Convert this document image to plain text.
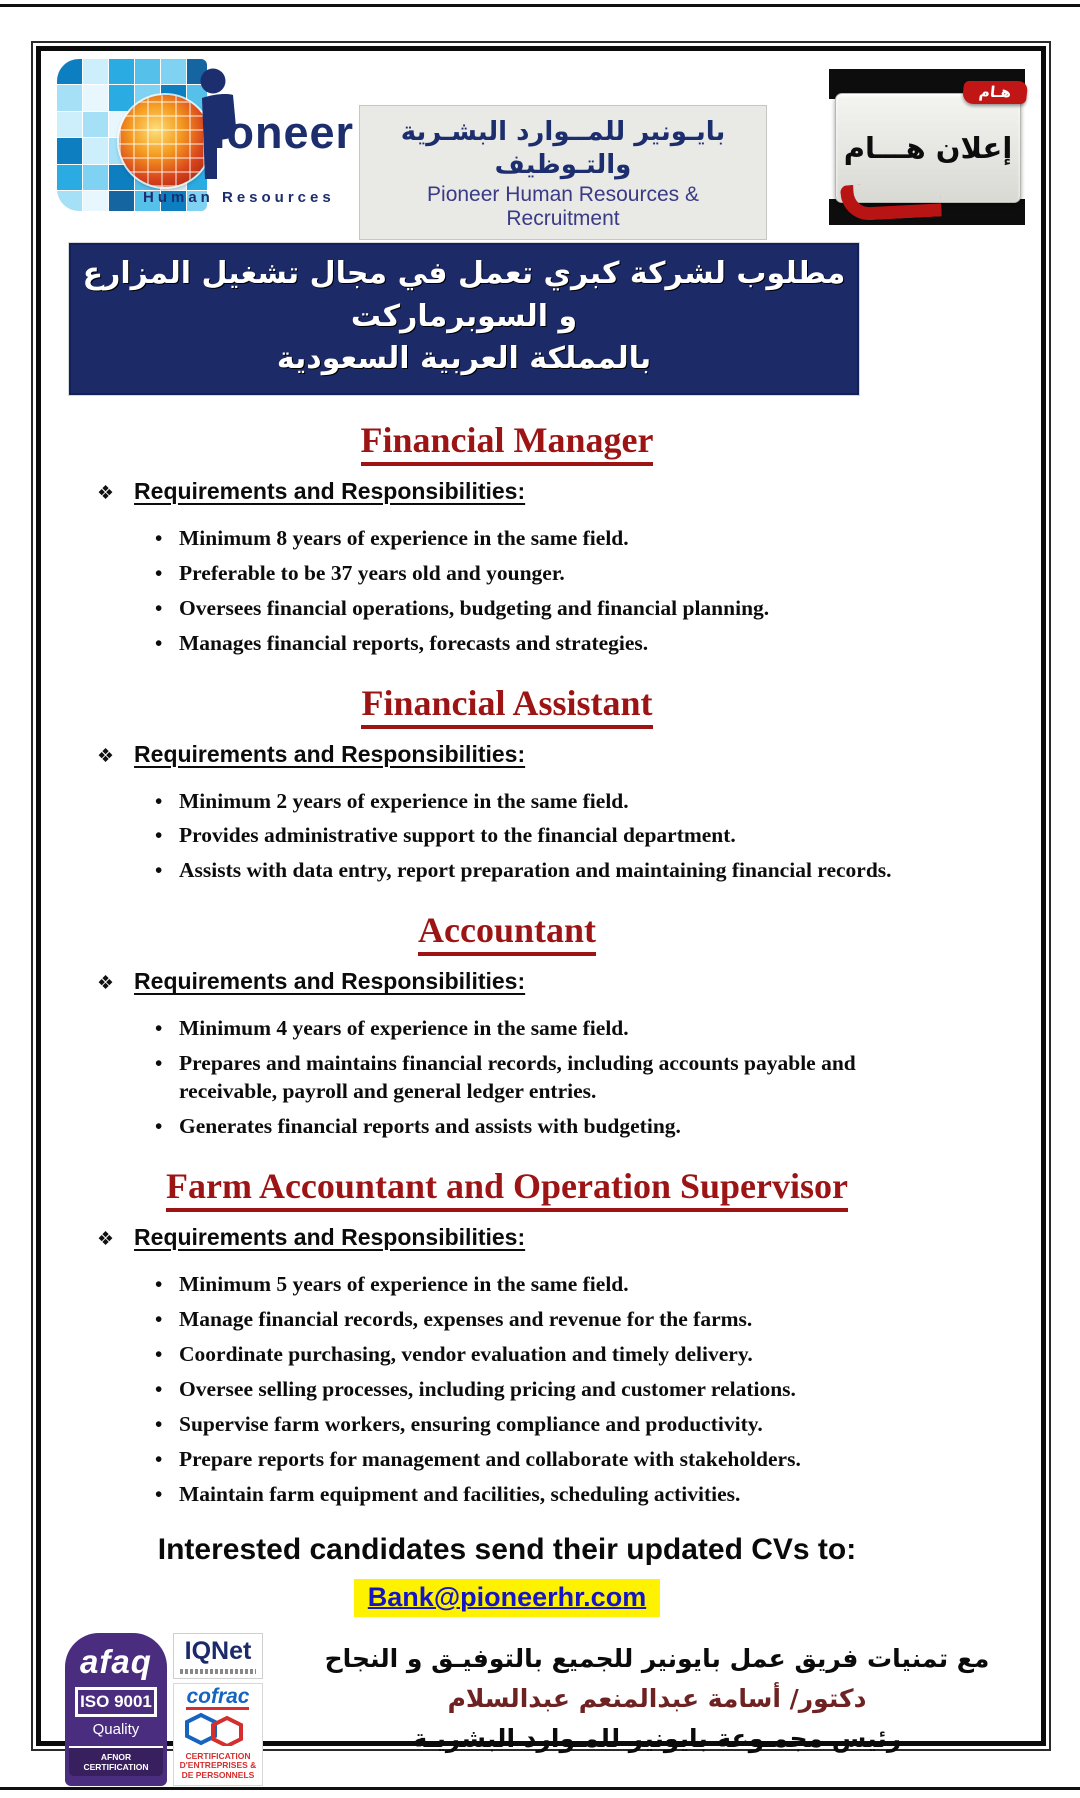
ioneer
Human Resources
بايـونير للمــوارد البشـرية والتـوظيف
Pioneer Human Resources & Recruitment
هـام
إعلان هـــام
مطلوب لشركة كبري تعمل في مجال تشغيل المزارع و السوبرماركت
بالمملكة العربية السعودية
Financial Manager
❖ Requirements and Responsibilities:
• Minimum 8 years of experience in the same field.
• Preferable to be 37 years old and younger.
• Oversees financial operations, budgeting and financial planning.
• Manages financial reports, forecasts and strategies.
Financial Assistant
❖ Requirements and Responsibilities:
• Minimum 2 years of experience in the same field.
• Provides administrative support to the financial department.
• Assists with data entry, report preparation and maintaining financial records.
Accountant
❖ Requirements and Responsibilities:
• Minimum 4 years of experience in the same field.
• Prepares and maintains financial records, including accounts payable and receivable, payroll and general ledger entries.
• Generates financial reports and assists with budgeting.
Farm Accountant and Operation Supervisor
❖ Requirements and Responsibilities:
• Minimum 5 years of experience in the same field.
• Manage financial records, expenses and revenue for the farms.
• Coordinate purchasing, vendor evaluation and timely delivery.
• Oversee selling processes, including pricing and customer relations.
• Supervise farm workers, ensuring compliance and productivity.
• Prepare reports for management and collaborate with stakeholders.
• Maintain farm equipment and facilities, scheduling activities.
Interested candidates send their updated CVs to:
Bank@pioneerhr.com
afaq
ISO 9001
Quality
AFNOR CERTIFICATION
IQNet
cofrac
CERTIFICATION D'ENTREPRISES & DE PERSONNELS
مع تمنيات فريق عمل بايونير للجميع بالتوفيـق و النجاح
دكتور/ أسامة عبدالمنعم عبدالسلام
رئيس مجمـوعة بايونير للمـوارد البشريـة
